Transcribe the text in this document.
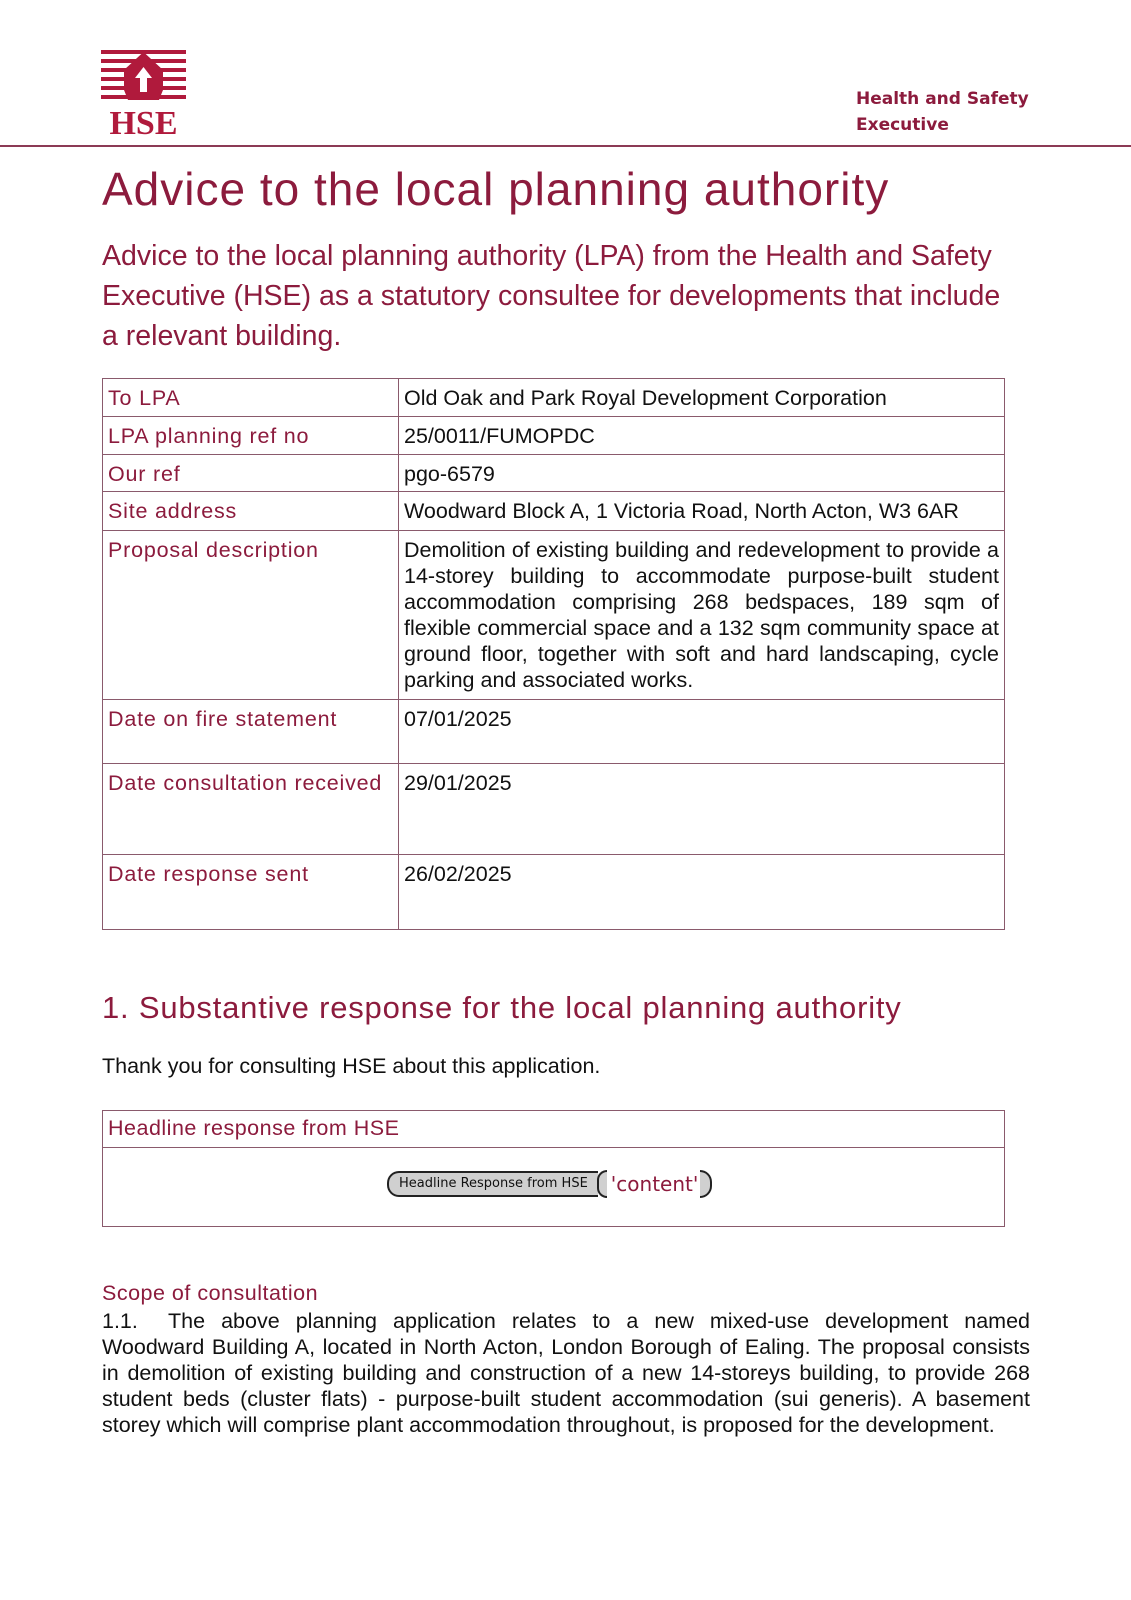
HSE
Health and Safety
Executive
Advice to the local planning authority

Advice to the local planning authority (LPA) from the Health and Safety Executive (HSE) as a statutory consultee for developments that include a relevant building.

To LPA	Old Oak and Park Royal Development Corporation
LPA planning ref no	25/0011/FUMOPDC
Our ref	pgo-6579
Site address	Woodward Block A, 1 Victoria Road, North Acton, W3 6AR
Proposal description	Demolition of existing building and redevelopment to provide a 14-storey building to accommodate purpose-built student accommodation comprising 268 bedspaces, 189 sqm of flexible commercial space and a 132 sqm community space at ground floor, together with soft and hard landscaping, cycle parking and associated works.
Date on fire statement	07/01/2025
Date consultation received	29/01/2025
Date response sent	26/02/2025
1. Substantive response for the local planning authority
Thank you for consulting HSE about this application.
Headline response from HSE
Headline Response from HSE	'content'
Scope of consultation

1.1. The above planning application relates to a new mixed-use development named Woodward Building A, located in North Acton, London Borough of Ealing. The proposal consists in demolition of existing building and construction of a new 14-storeys building, to provide 268 student beds (cluster flats) - purpose-built student accommodation (sui generis). A basement storey which will comprise plant accommodation throughout, is proposed for the development.
